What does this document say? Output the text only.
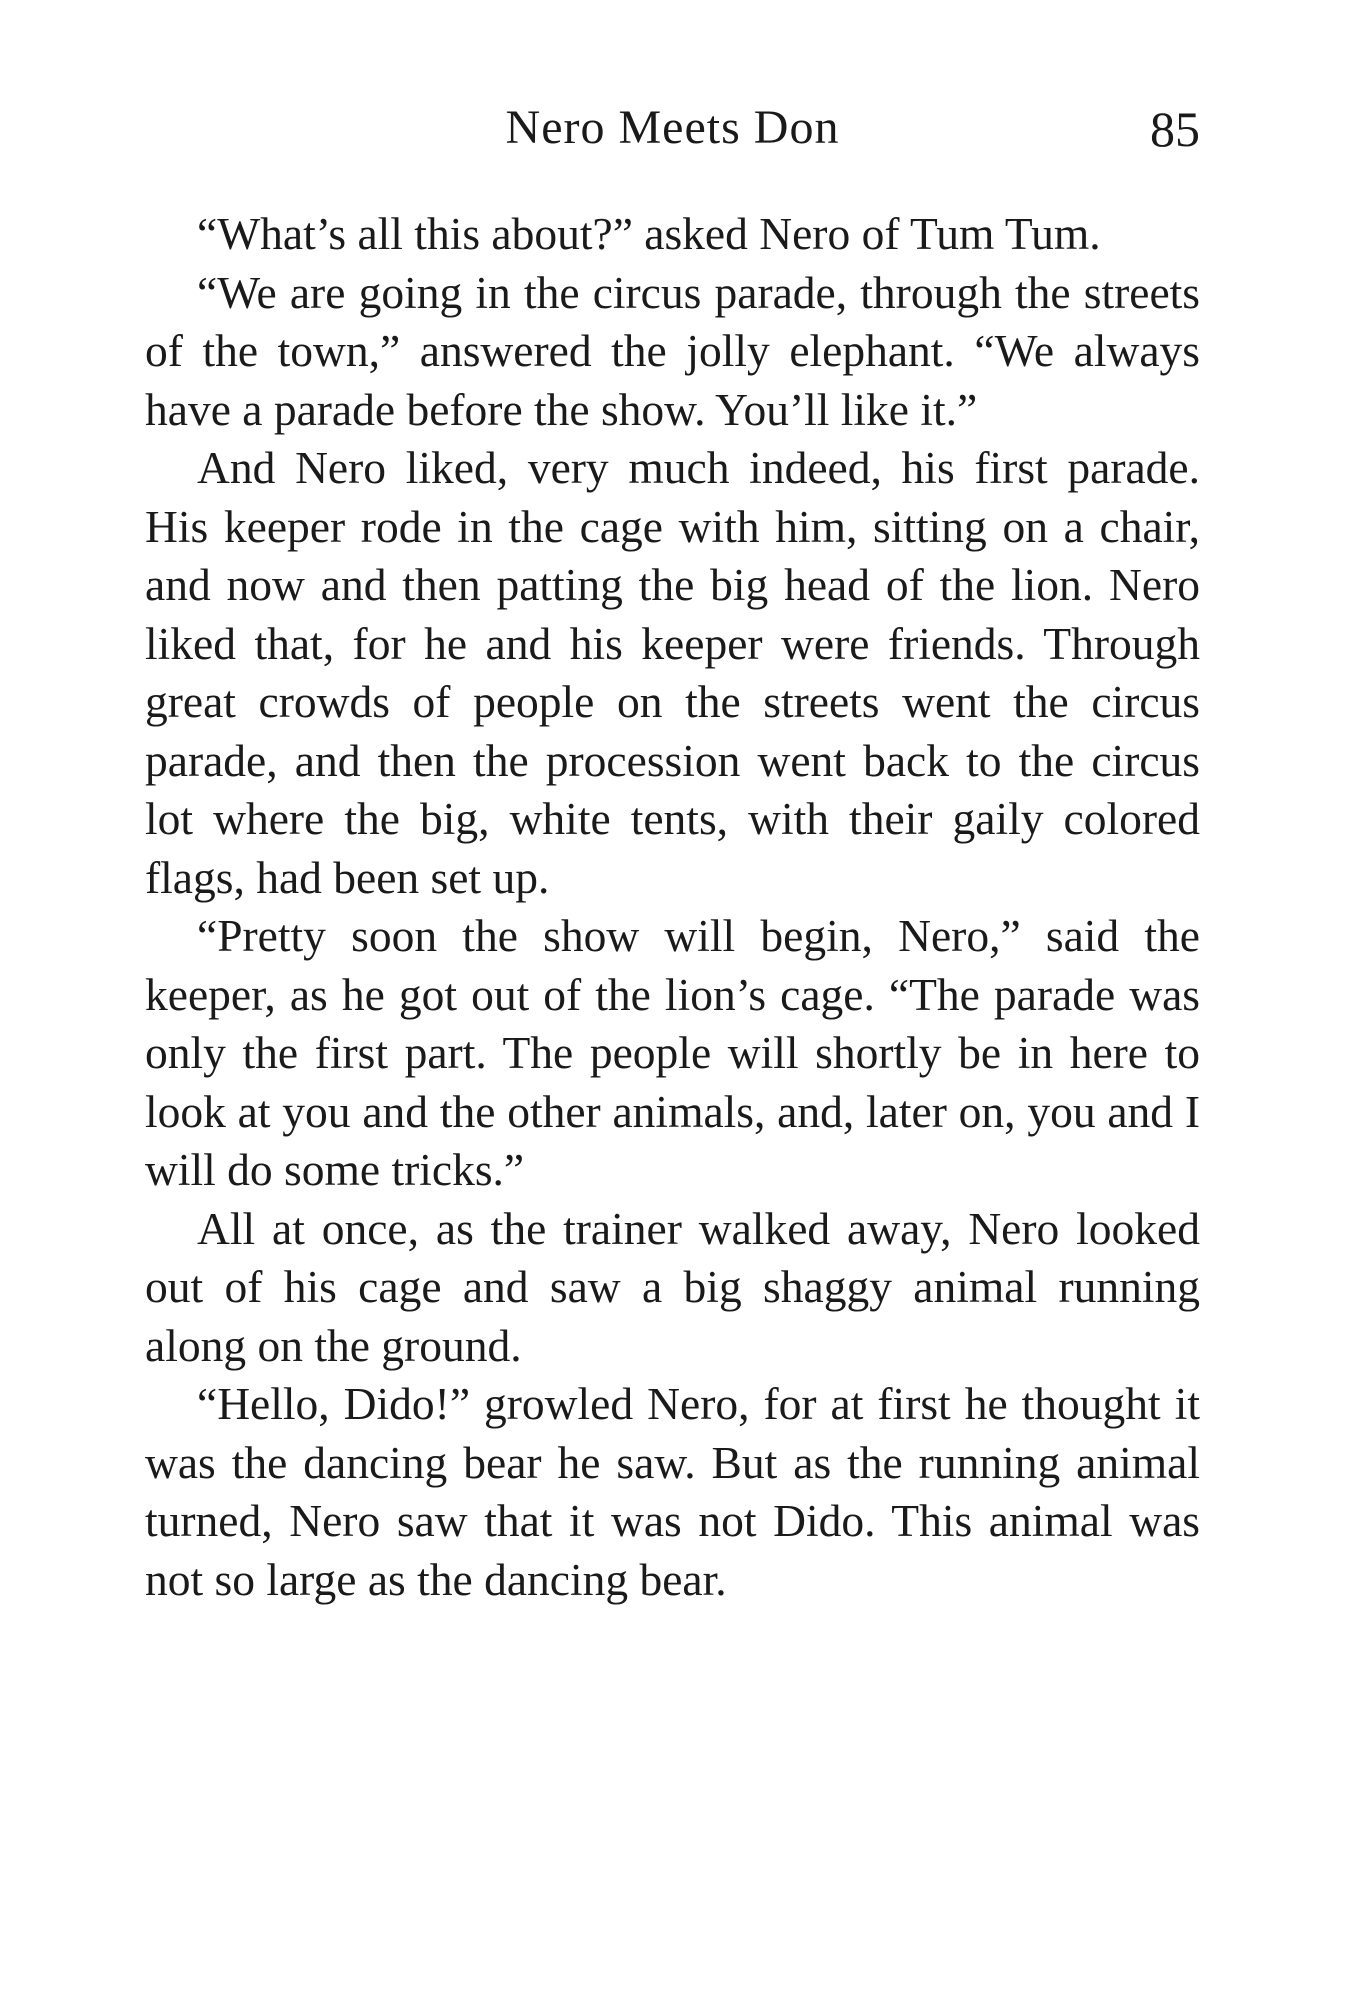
Nero Meets Don	85

“What’s all this about?” asked Nero of Tum Tum.

“We are going in the circus parade, through the streets of the town,” answered the jolly elephant. “We always have a parade before the show. You’ll like it.”

And Nero liked, very much indeed, his first parade. His keeper rode in the cage with him, sitting on a chair, and now and then patting the big head of the lion. Nero liked that, for he and his keeper were friends. Through great crowds of people on the streets went the circus parade, and then the procession went back to the circus lot where the big, white tents, with their gaily colored flags, had been set up.

“Pretty soon the show will begin, Nero,” said the keeper, as he got out of the lion’s cage. “The parade was only the first part. The people will shortly be in here to look at you and the other animals, and, later on, you and I will do some tricks.”

All at once, as the trainer walked away, Nero looked out of his cage and saw a big shaggy animal running along on the ground.

“Hello, Dido!” growled Nero, for at first he thought it was the dancing bear he saw. But as the running animal turned, Nero saw that it was not Dido. This animal was not so large as the dancing bear.
